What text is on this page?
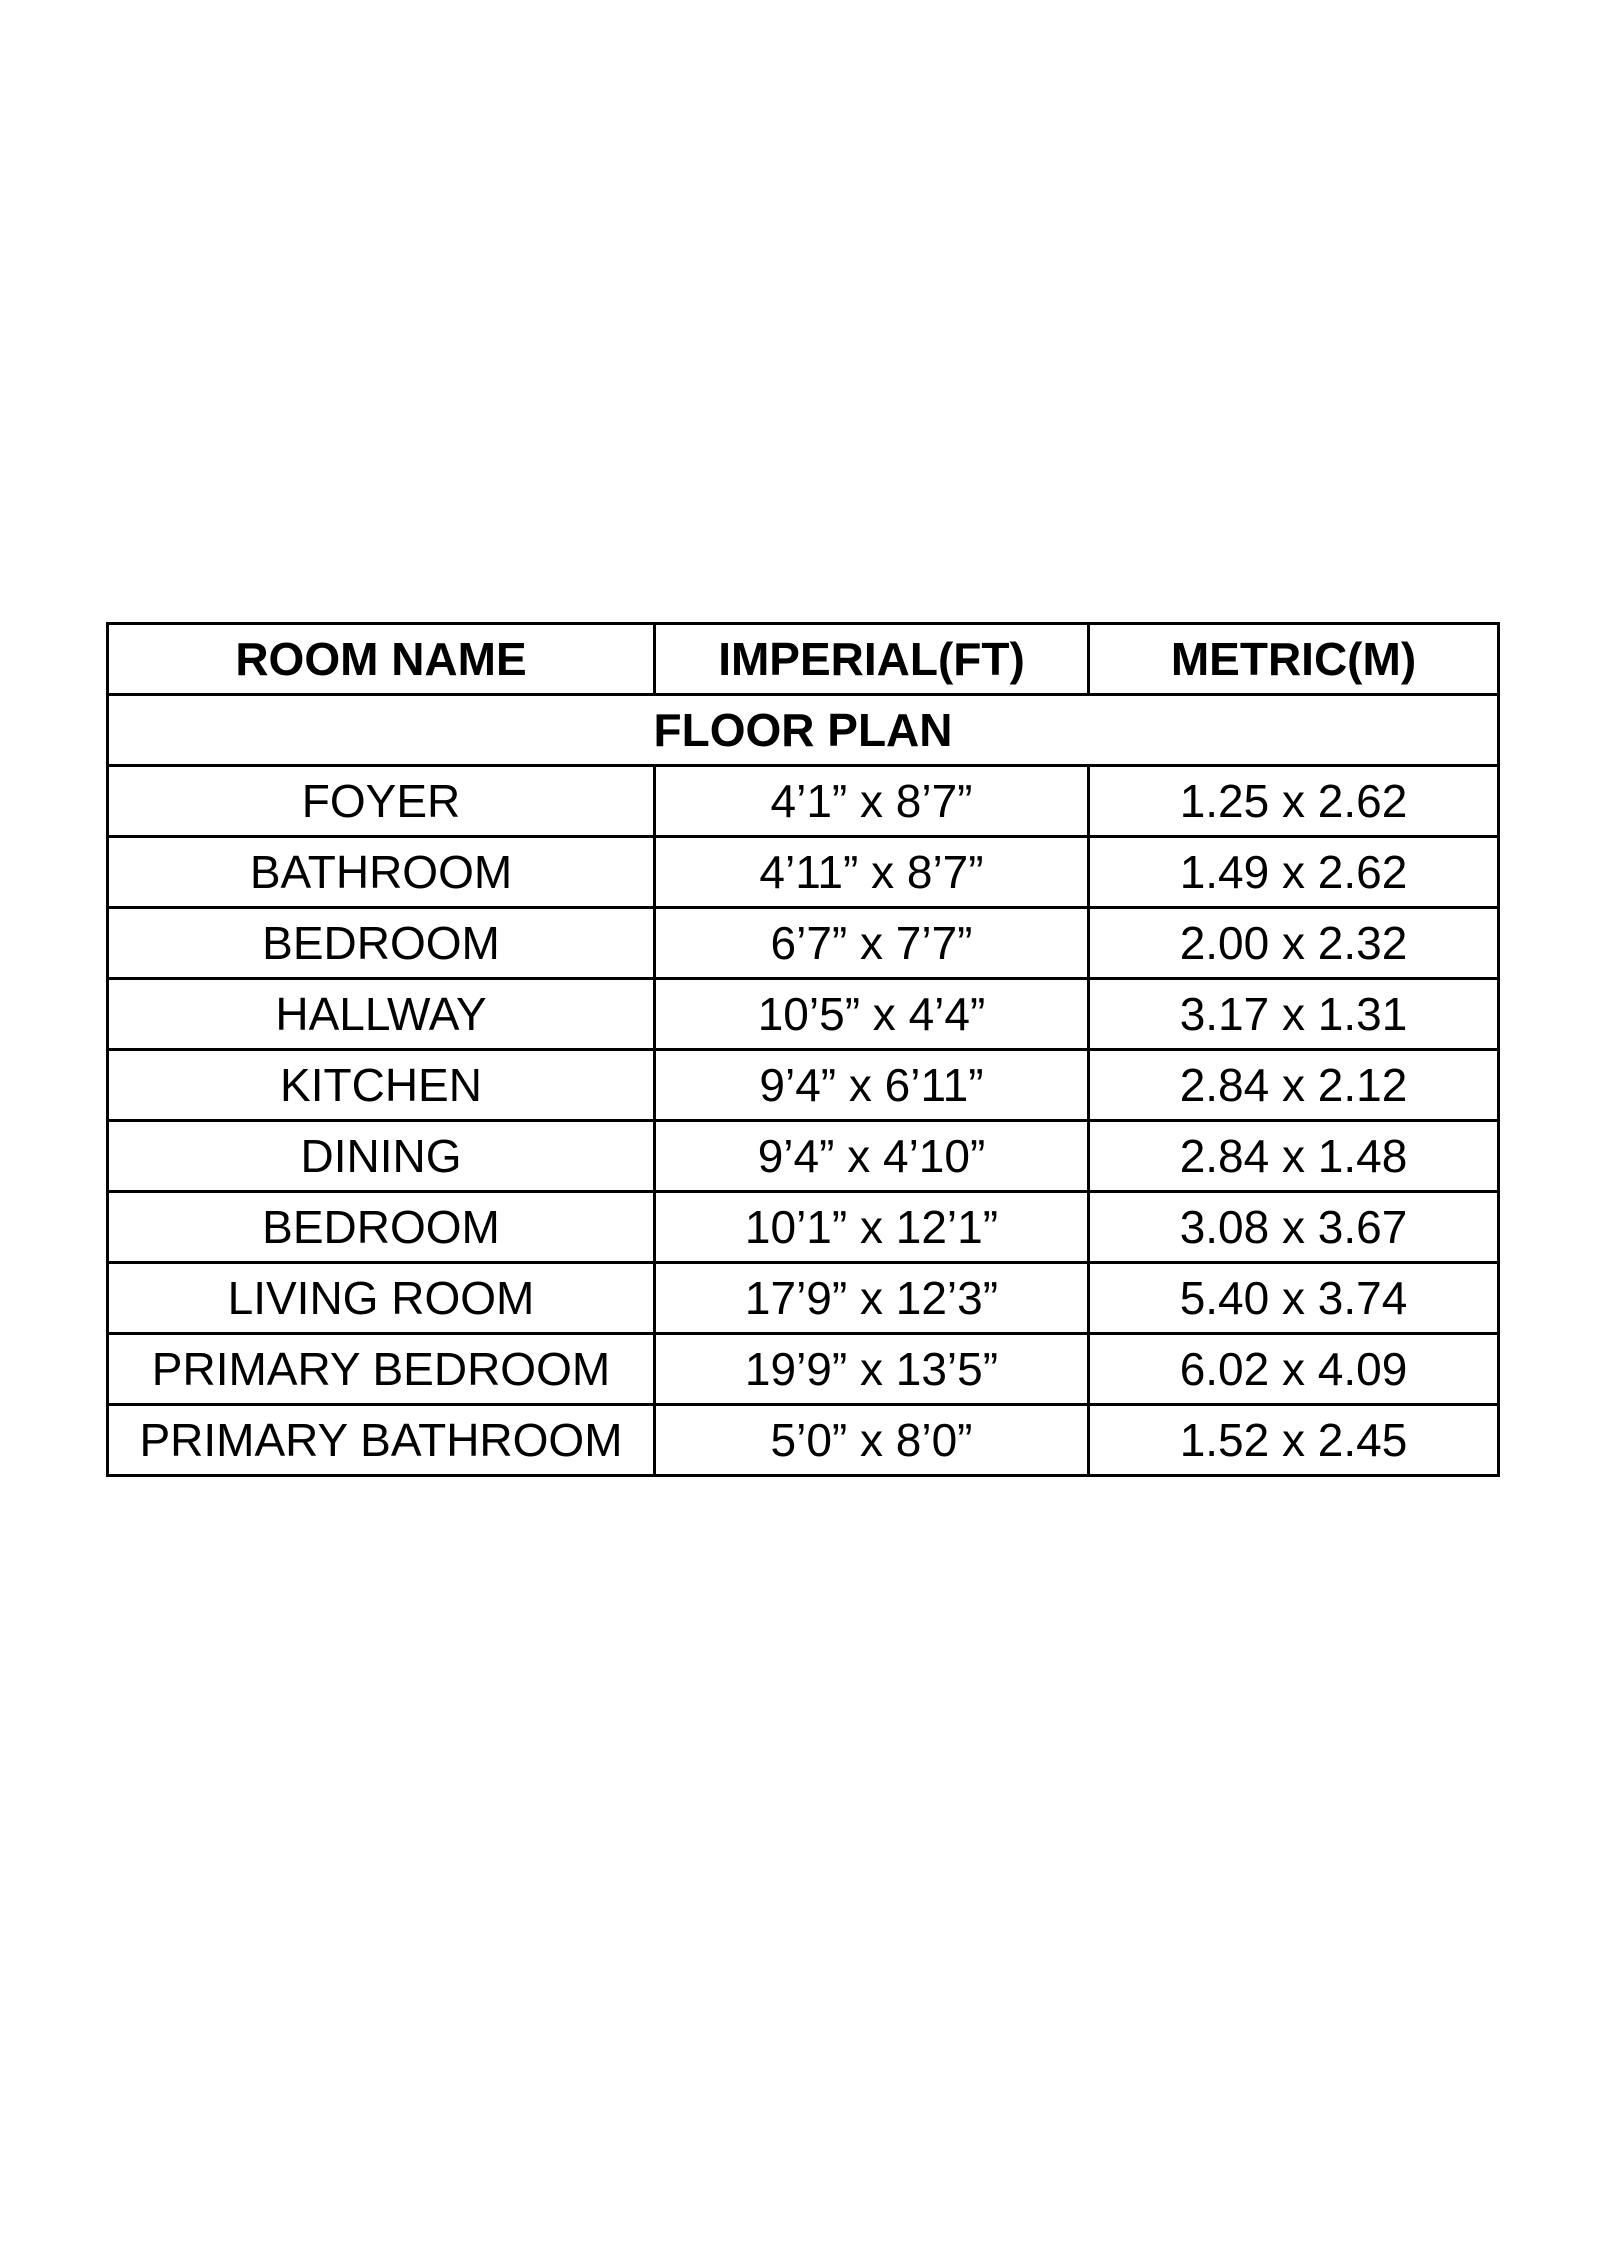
ROOM NAME	IMPERIAL(FT)	METRIC(M)
FLOOR PLAN		
FOYER	4’1” x 8’7”	1.25 x 2.62
BATHROOM	4’11” x 8’7”	1.49 x 2.62
BEDROOM	6’7” x 7’7”	2.00 x 2.32
HALLWAY	10’5” x 4’4”	3.17 x 1.31
KITCHEN	9’4” x 6’11”	2.84 x 2.12
DINING	9’4” x 4’10”	2.84 x 1.48
BEDROOM	10’1” x 12’1”	3.08 x 3.67
LIVING ROOM	17’9” x 12’3”	5.40 x 3.74
PRIMARY BEDROOM	19’9” x 13’5”	6.02 x 4.09
PRIMARY BATHROOM	5’0” x 8’0”	1.52 x 2.45
